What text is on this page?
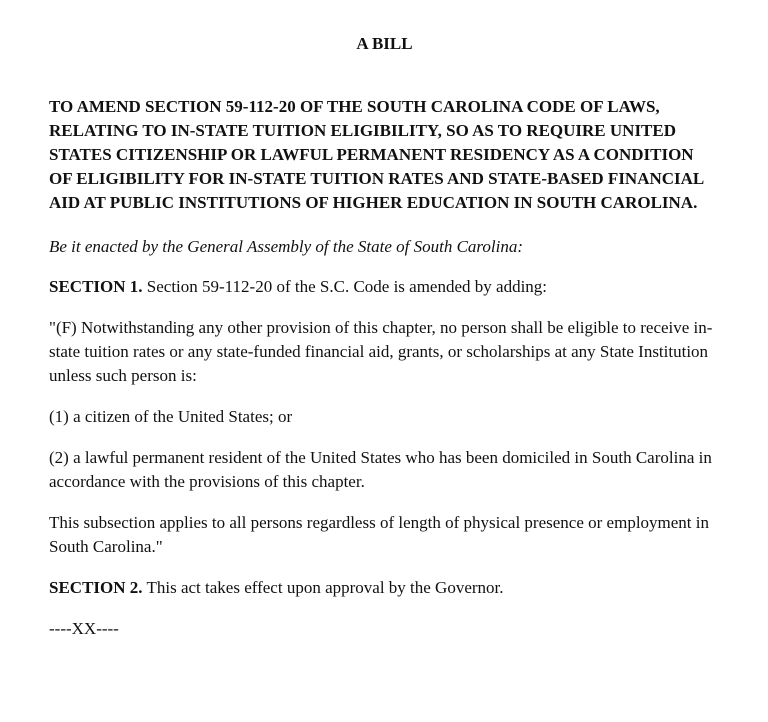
A BILL
TO AMEND SECTION 59-112-20 OF THE SOUTH CAROLINA CODE OF LAWS, RELATING TO IN-STATE TUITION ELIGIBILITY, SO AS TO REQUIRE UNITED STATES CITIZENSHIP OR LAWFUL PERMANENT RESIDENCY AS A CONDITION OF ELIGIBILITY FOR IN-STATE TUITION RATES AND STATE-BASED FINANCIAL AID AT PUBLIC INSTITUTIONS OF HIGHER EDUCATION IN SOUTH CAROLINA.
Be it enacted by the General Assembly of the State of South Carolina:
SECTION 1. Section 59-112-20 of the S.C. Code is amended by adding:
"(F) Notwithstanding any other provision of this chapter, no person shall be eligible to receive in-state tuition rates or any state-funded financial aid, grants, or scholarships at any State Institution unless such person is:
(1) a citizen of the United States; or
(2) a lawful permanent resident of the United States who has been domiciled in South Carolina in accordance with the provisions of this chapter.
This subsection applies to all persons regardless of length of physical presence or employment in South Carolina."
SECTION 2. This act takes effect upon approval by the Governor.
----XX----
